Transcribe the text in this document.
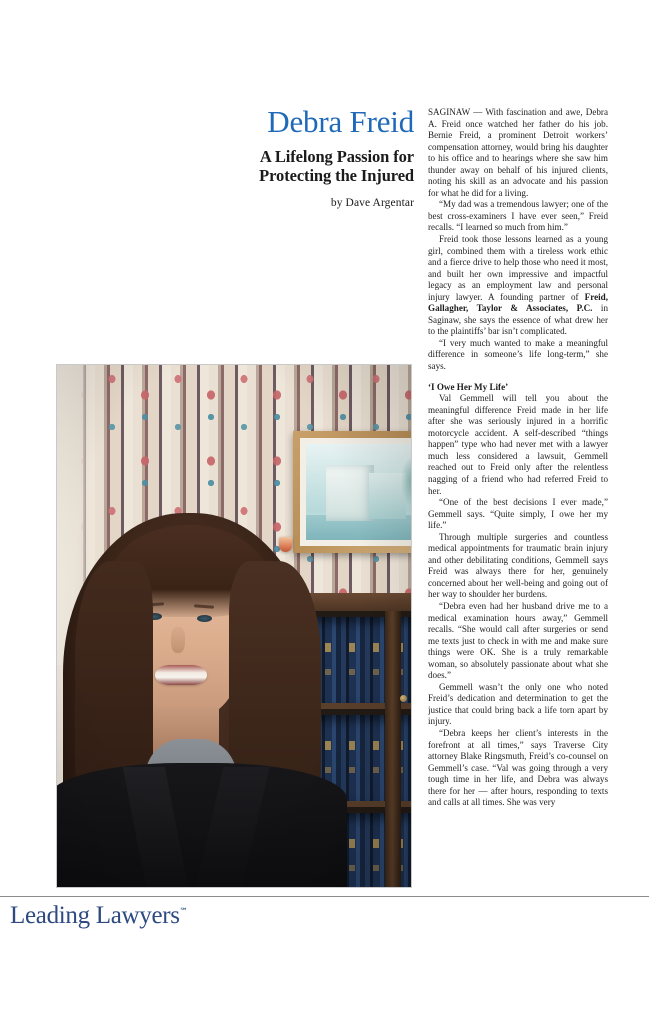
Debra Freid
A Lifelong Passion for
Protecting the Injured
by Dave Argentar

SAGINAW — With fascination and awe, Debra A. Freid once watched her father do his job. Bernie Freid, a prominent Detroit workers’ compensation attorney, would bring his daughter to his office and to hearings where she saw him thunder away on behalf of his injured clients, noting his skill as an advocate and his passion for what he did for a living.

“My dad was a tremendous lawyer; one of the best cross-examiners I have ever seen,” Freid recalls. “I learned so much from him.”

Freid took those lessons learned as a young girl, combined them with a tireless work ethic and a fierce drive to help those who need it most, and built her own impressive and impactful legacy as an employment law and personal injury lawyer. A founding partner of Freid, Gallagher, Taylor & Associates, P.C. in Saginaw, she says the essence of what drew her to the plaintiffs’ bar isn’t complicated.

“I very much wanted to make a meaningful difference in someone’s life long-term,” she says.

‘I Owe Her My Life’

Val Gemmell will tell you about the meaningful difference Freid made in her life after she was seriously injured in a horrific motorcycle accident. A self-described “things happen” type who had never met with a lawyer much less considered a lawsuit, Gemmell reached out to Freid only after the relentless nagging of a friend who had referred Freid to her.

“One of the best decisions I ever made,” Gemmell says. “Quite simply, I owe her my life.”

Through multiple surgeries and countless medical appointments for traumatic brain injury and other debilitating conditions, Gemmell says Freid was always there for her, genuinely concerned about her well-being and going out of her way to shoulder her burdens.

“Debra even had her husband drive me to a medical examination hours away,” Gemmell recalls. “She would call after surgeries or send me texts just to check in with me and make sure things were OK. She is a truly remarkable woman, so absolutely passionate about what she does.”

Gemmell wasn’t the only one who noted Freid’s dedication and determination to get the justice that could bring back a life torn apart by injury.

“Debra keeps her client’s interests in the forefront at all times,” says Traverse City attorney Blake Ringsmuth, Freid’s co-counsel on Gemmell’s case. “Val was going through a very tough time in her life, and Debra was always there for her — after hours, responding to texts and calls at all times. She was very

Leading Lawyers℠
